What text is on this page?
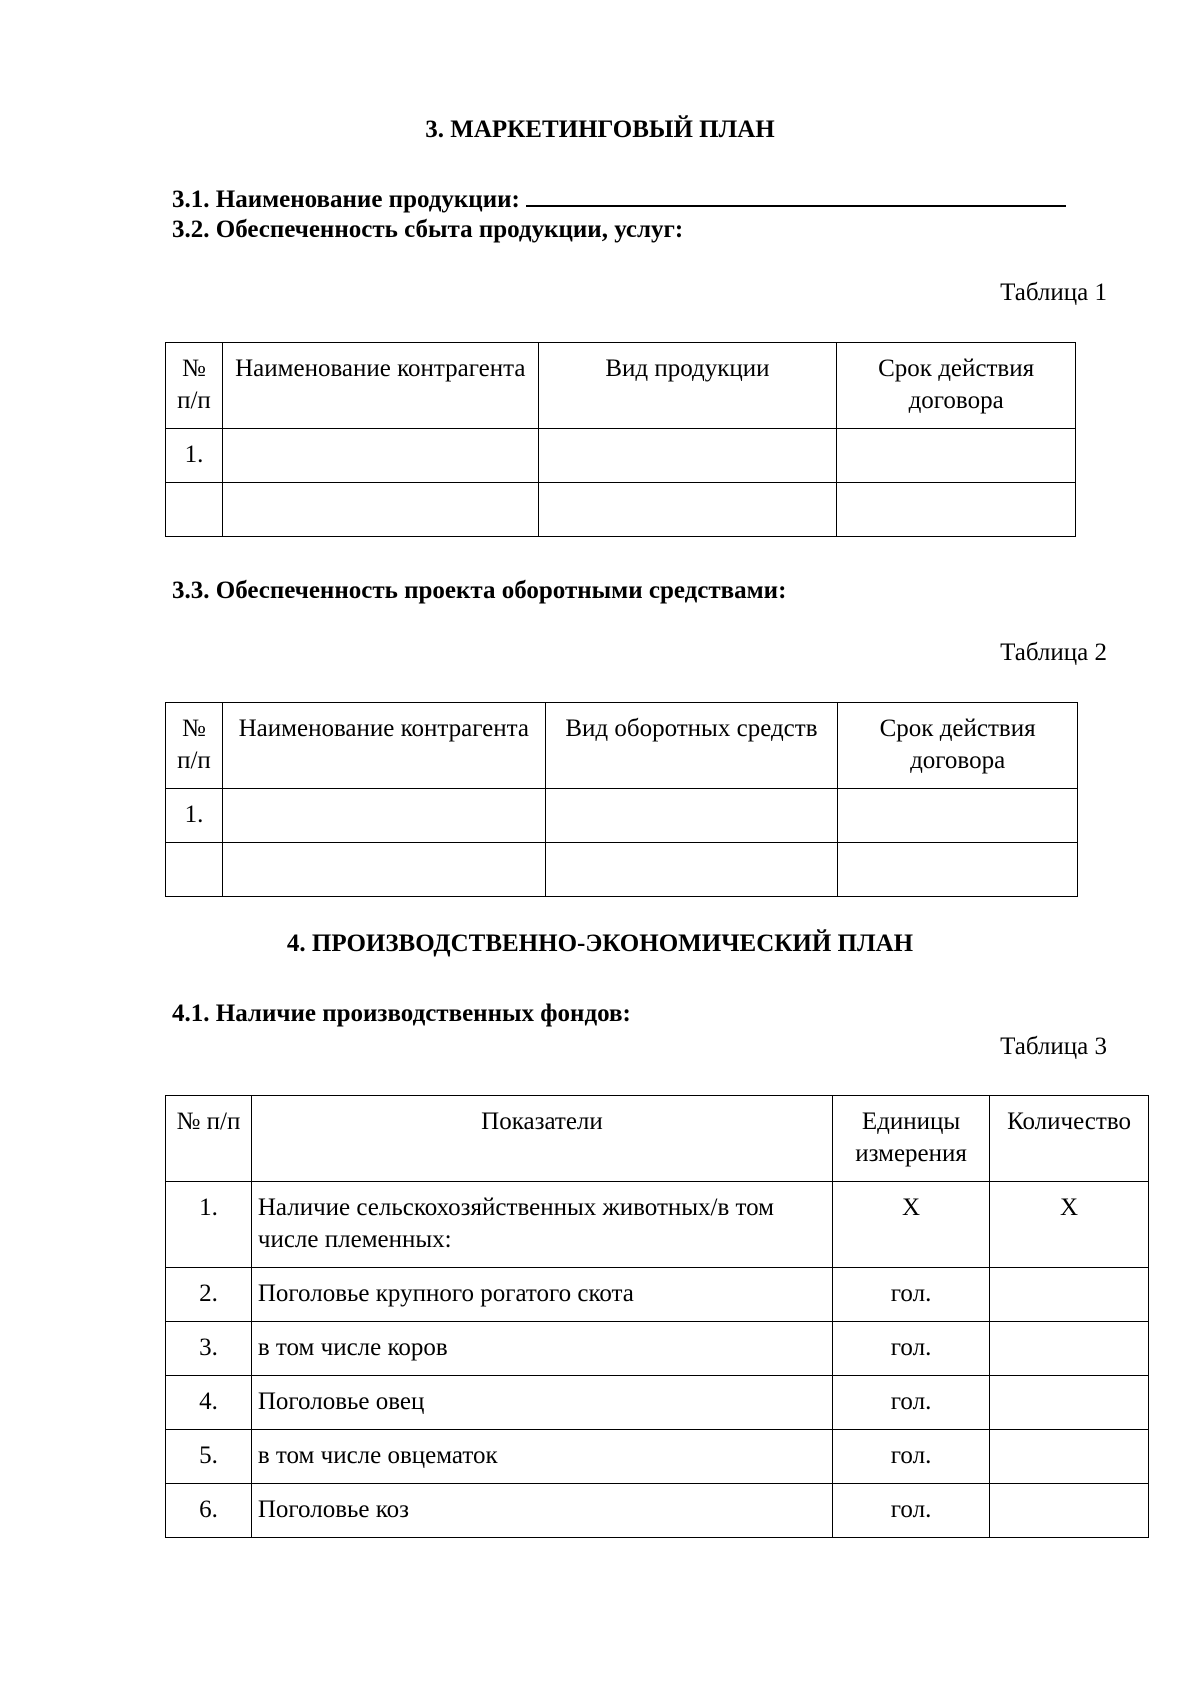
3. МАРКЕТИНГОВЫЙ ПЛАН
3.1. Наименование продукции:
3.2. Обеспеченность сбыта продукции, услуг:
Таблица 1
№ п/п	Наименование контрагента	Вид продукции	Срок действия договора
1.			

3.3. Обеспеченность проекта оборотными средствами:
Таблица 2
№ п/п	Наименование контрагента	Вид оборотных средств	Срок действия договора
1.			

4. ПРОИЗВОДСТВЕННО-ЭКОНОМИЧЕСКИЙ ПЛАН
4.1. Наличие производственных фондов:
Таблица 3
№ п/п	Показатели	Единицы измерения	Количество
1.	Наличие сельскохозяйственных животных/в том числе племенных:	Х	Х
2.	Поголовье крупного рогатого скота	гол.	
3.	в том числе коров	гол.	
4.	Поголовье овец	гол.	
5.	в том числе овцематок	гол.	
6.	Поголовье коз	гол.	
